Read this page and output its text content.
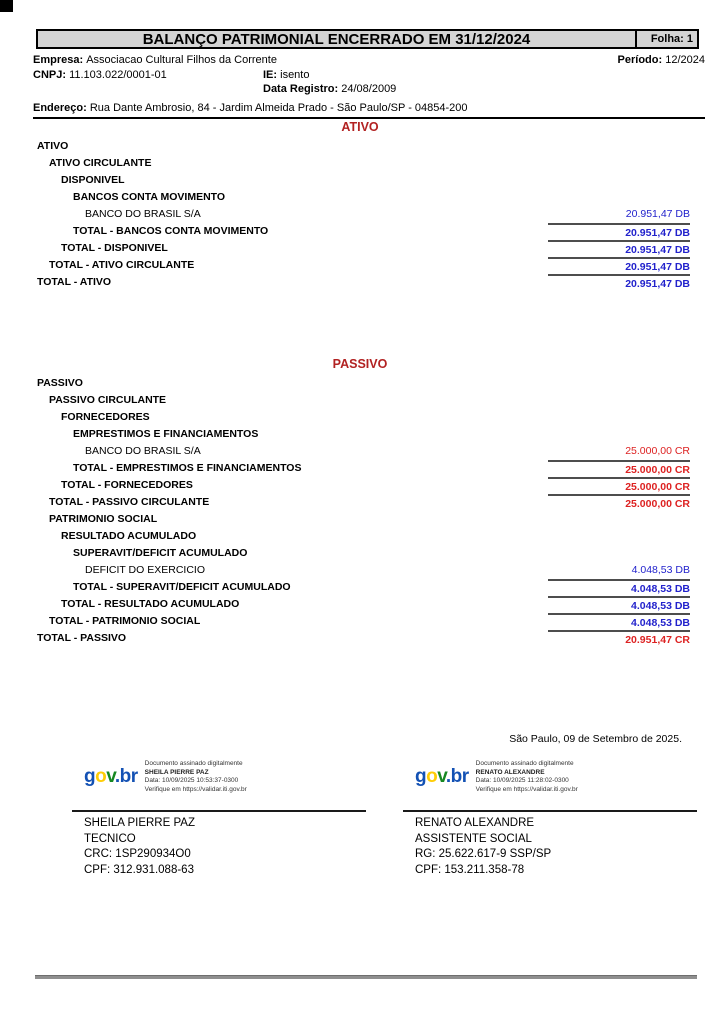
BALANÇO PATRIMONIAL ENCERRADO EM 31/12/2024	Folha: 1
Empresa: Associacao Cultural Filhos da Corrente	Período: 12/2024
CNPJ: 11.103.022/0001-01	IE: isento
Data Registro: 24/08/2009
Endereço: Rua Dante Ambrosio, 84 - Jardim Almeida Prado - São Paulo/SP - 04854-200
ATIVO
ATIVO
ATIVO CIRCULANTE
DISPONIVEL
BANCOS CONTA MOVIMENTO
BANCO DO BRASIL S/A	20.951,47 DB
TOTAL - BANCOS CONTA MOVIMENTO	20.951,47 DB
TOTAL - DISPONIVEL	20.951,47 DB
TOTAL - ATIVO CIRCULANTE	20.951,47 DB
TOTAL - ATIVO	20.951,47 DB
PASSIVO
PASSIVO
PASSIVO CIRCULANTE
FORNECEDORES
EMPRESTIMOS E FINANCIAMENTOS
BANCO DO BRASIL S/A	25.000,00 CR
TOTAL - EMPRESTIMOS E FINANCIAMENTOS	25.000,00 CR
TOTAL - FORNECEDORES	25.000,00 CR
TOTAL - PASSIVO CIRCULANTE	25.000,00 CR
PATRIMONIO SOCIAL
RESULTADO ACUMULADO
SUPERAVIT/DEFICIT ACUMULADO
DEFICIT DO EXERCICIO	4.048,53 DB
TOTAL - SUPERAVIT/DEFICIT ACUMULADO	4.048,53 DB
TOTAL - RESULTADO ACUMULADO	4.048,53 DB
TOTAL - PATRIMONIO SOCIAL	4.048,53 DB
TOTAL - PASSIVO	20.951,47 CR
São Paulo, 09 de Setembro de 2025.
gov.br
Documento assinado digitalmente
SHEILA PIERRE PAZ
Data: 10/09/2025 10:53:37-0300
Verifique em https://validar.iti.gov.br
SHEILA PIERRE PAZ
TECNICO
CRC: 1SP290934O0
CPF: 312.931.088-63
gov.br
Documento assinado digitalmente
RENATO ALEXANDRE
Data: 10/09/2025 11:28:02-0300
Verifique em https://validar.iti.gov.br
RENATO ALEXANDRE
ASSISTENTE SOCIAL
RG: 25.622.617-9 SSP/SP
CPF: 153.211.358-78
